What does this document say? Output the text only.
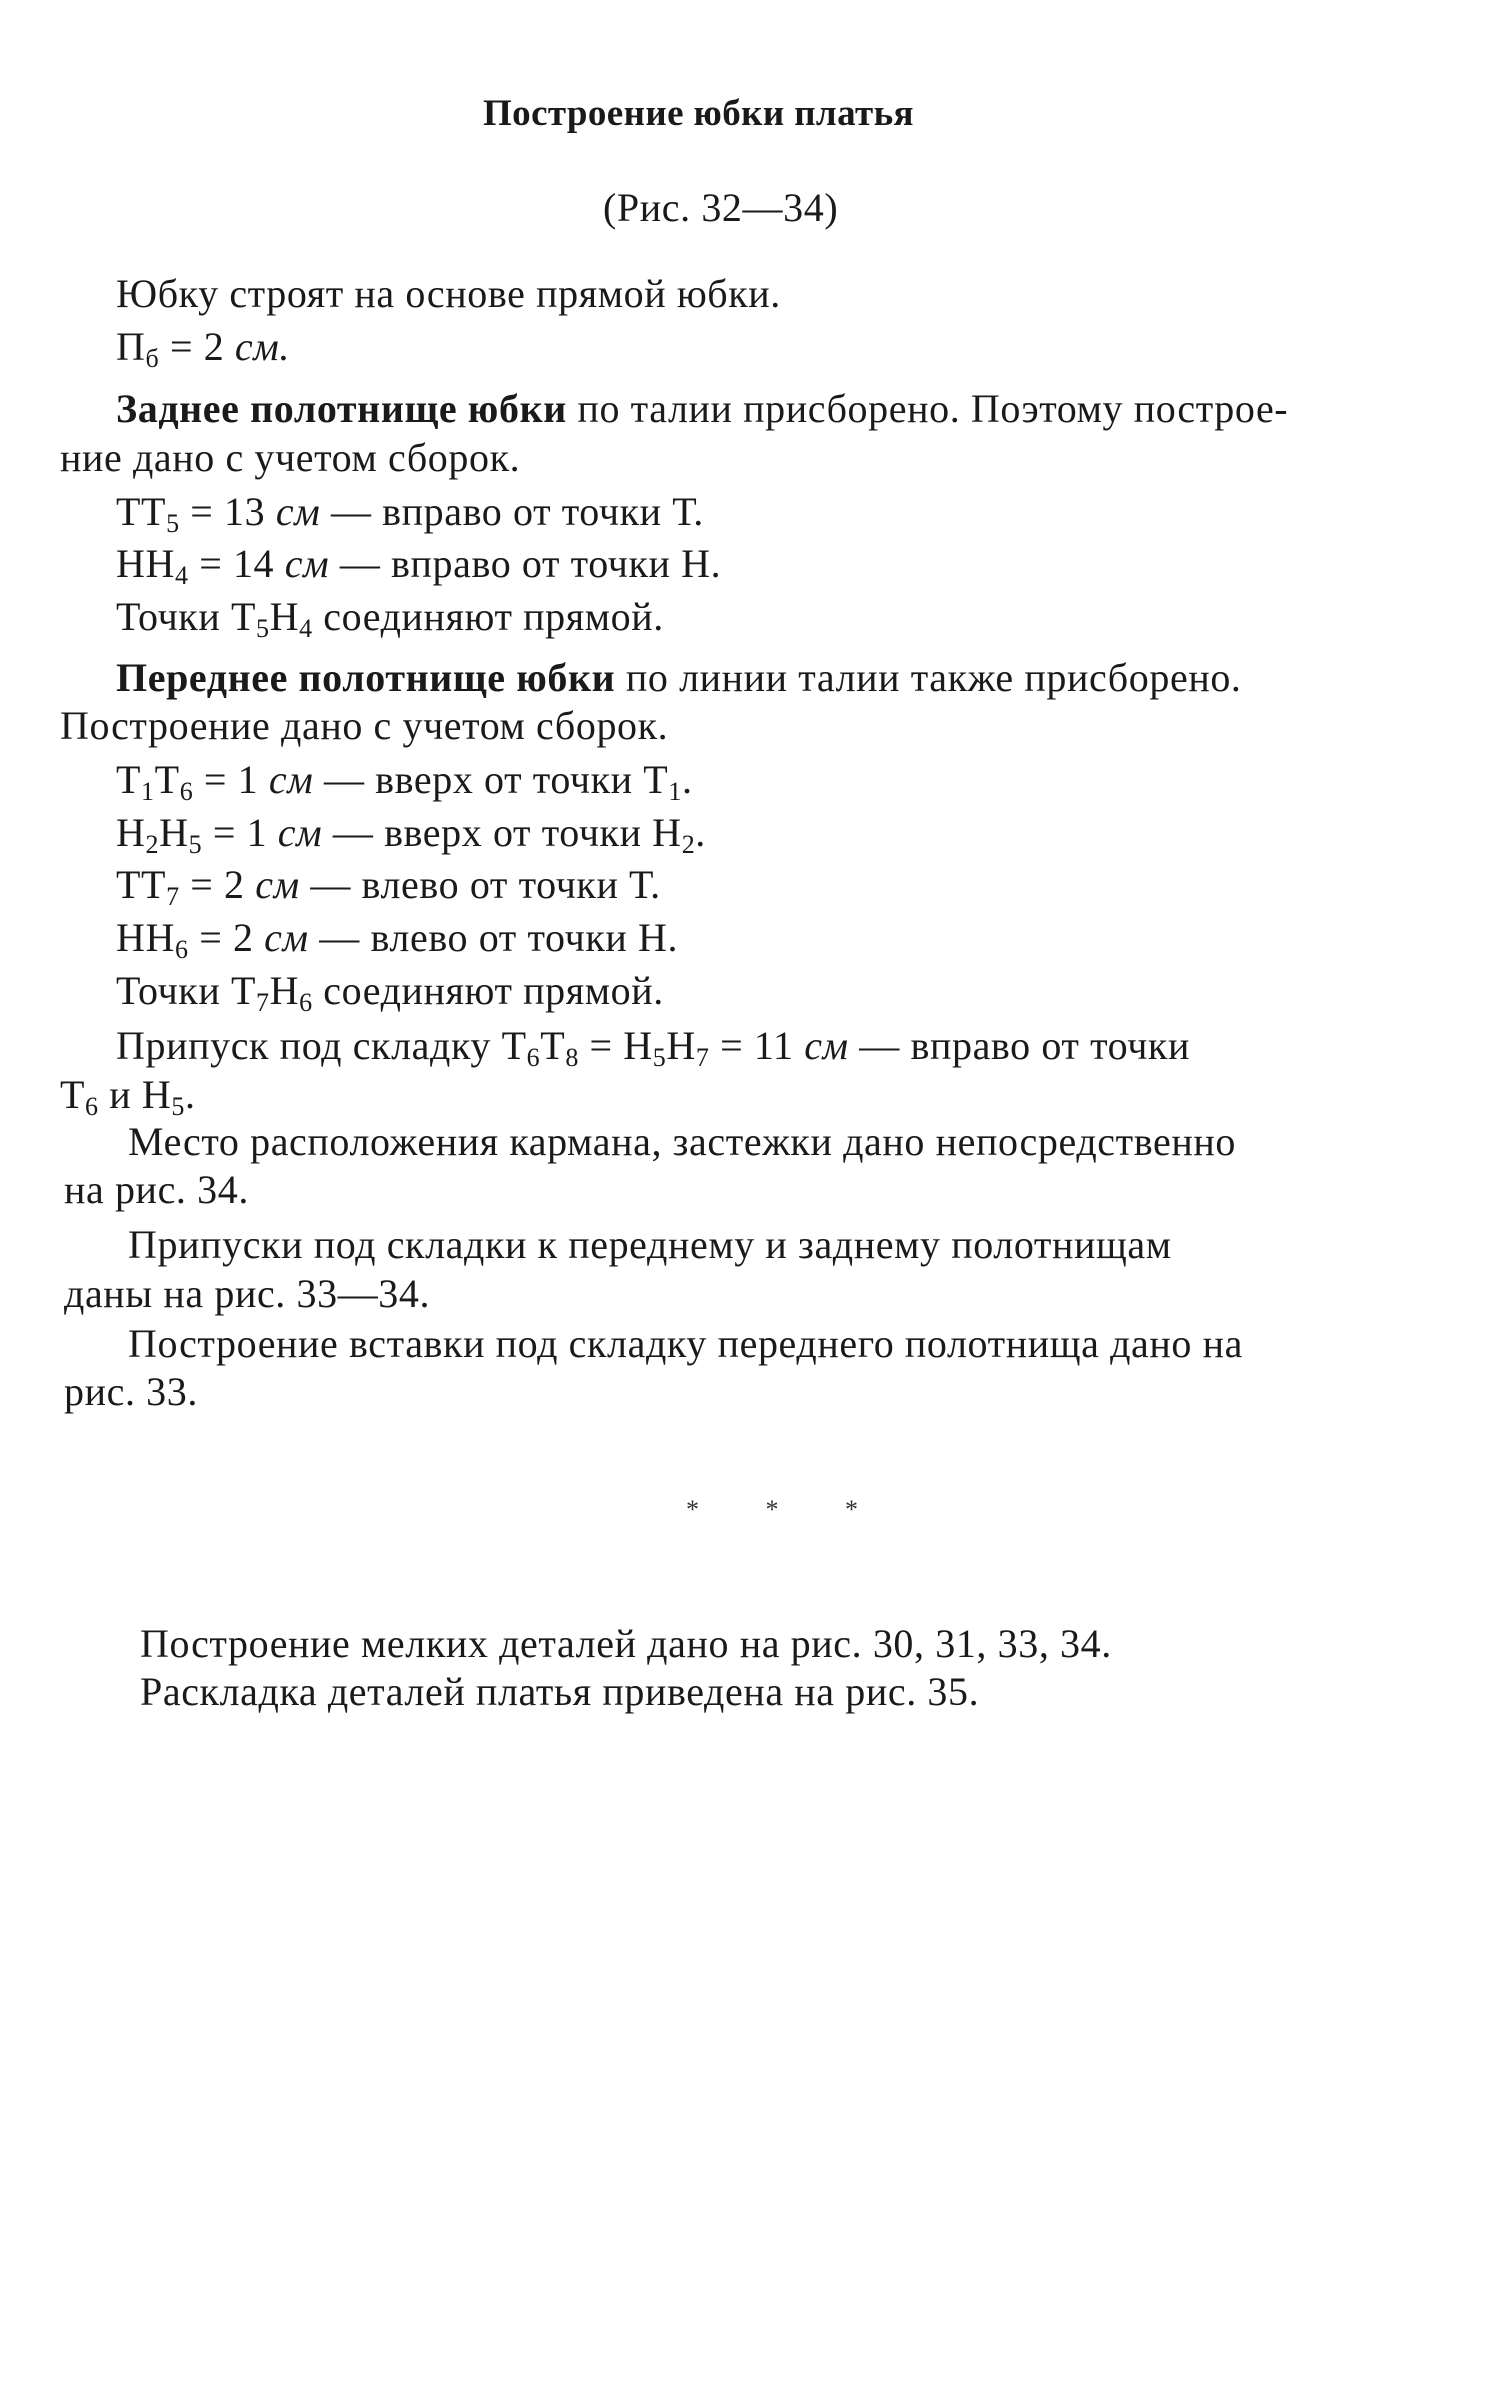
Построение юбки платья
(Рис. 32—34)
Юбку строят на основе прямой юбки.
$П_б = 2$ см.
Заднее полотнище юбки по талии присборено. Поэтому построе-
ние дано с учетом сборок.
$ТТ_5 = 13$ см — вправо от точки Т.
$НН_4 = 14$ см — вправо от точки Н.
Точки $Т_5Н_4$ соединяют прямой.
Переднее полотнище юбки по линии талии также присборено.
Построение дано с учетом сборок.
$Т_1Т_6 = 1$ см — вверх от точки $Т_1$.
$Н_2Н_5 = 1$ см — вверх от точки $Н_2$.
$ТТ_7 = 2$ см — влево от точки Т.
$НН_6 = 2$ см — влево от точки Н.
Точки $Т_7Н_6$ соединяют прямой.
Припуск под складку $Т_6Т_8 = Н_5Н_7 = 11$ см — вправо от точки
$Т_6$ и $Н_5$.
Место расположения кармана, застежки дано непосредственно
на рис. 34.
Припуски под складки к переднему и заднему полотнищам
даны на рис. 33—34.
Построение вставки под складку переднего полотнища дано на
рис. 33.
* * *
Построение мелких деталей дано на рис. 30, 31, 33, 34.
Раскладка деталей платья приведена на рис. 35.
